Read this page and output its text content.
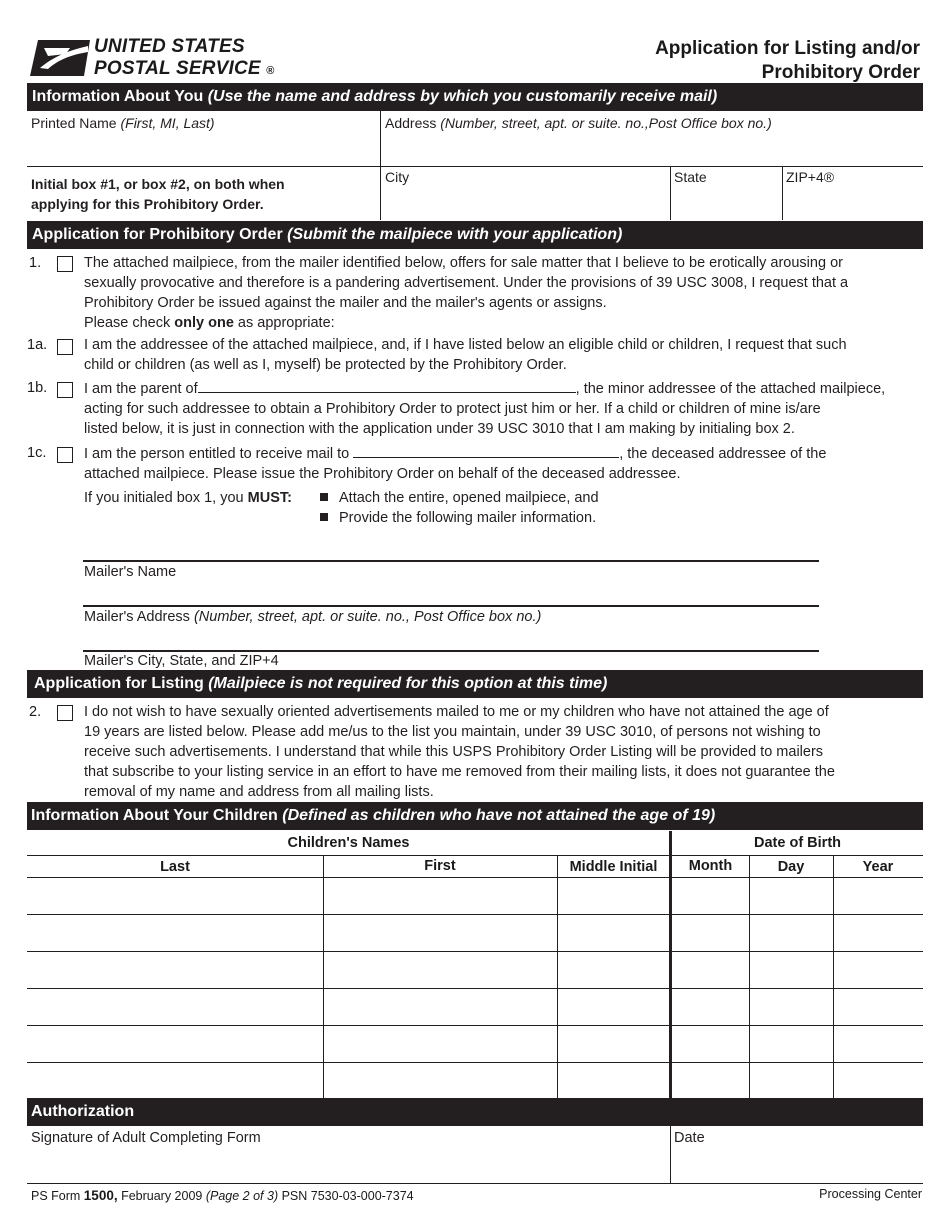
UNITED STATES
POSTAL SERVICE ®
Application for Listing and/or
Prohibitory Order
Information About You (Use the name and address by which you customarily receive mail)
Printed Name (First, MI, Last)	Address (Number, street, apt. or suite. no.,Post Office box no.)
Initial box #1, or box #2, on both when
applying for this Prohibitory Order.
City	State	ZIP+4®
Application for Prohibitory Order (Submit the mailpiece with your application)
1.	The attached mailpiece, from the mailer identified below, offers for sale matter that I believe to be erotically arousing or
sexually provocative and therefore is a pandering advertisement. Under the provisions of 39 USC 3008, I request that a
Prohibitory Order be issued against the mailer and the mailer's agents or assigns.
Please check only one as appropriate:
1a.	I am the addressee of the attached mailpiece, and, if I have listed below an eligible child or children, I request that such
child or children (as well as I, myself) be protected by the Prohibitory Order.
1b.	I am the parent of	, the minor addressee of the attached mailpiece,
acting for such addressee to obtain a Prohibitory Order to protect just him or her. If a child or children of mine is/are
listed below, it is just in connection with the application under 39 USC 3010 that I am making by initialing box 2.
1c.	I am the person entitled to receive mail to	, the deceased addressee of the
attached mailpiece. Please issue the Prohibitory Order on behalf of the deceased addressee.
If you initialed box 1, you MUST:	Attach the entire, opened mailpiece, and
Provide the following mailer information.
Mailer's Name
Mailer's Address (Number, street, apt. or suite. no., Post Office box no.)
Mailer's City, State, and ZIP+4
Application for Listing (Mailpiece is not required for this option at this time)
2.	I do not wish to have sexually oriented advertisements mailed to me or my children who have not attained the age of
19 years are listed below. Please add me/us to the list you maintain, under 39 USC 3010, of persons not wishing to
receive such advertisements. I understand that while this USPS Prohibitory Order Listing will be provided to mailers
that subscribe to your listing service in an effort to have me removed from their mailing lists, it does not guarantee the
removal of my name and address from all mailing lists.
Information About Your Children (Defined as children who have not attained the age of 19)
Children's Names	Date of Birth
Last	First	Middle Initial	Month	Day	Year
Authorization
Signature of Adult Completing Form	Date
PS Form 1500, February 2009 (Page 2 of 3) PSN 7530-03-000-7374	Processing Center
